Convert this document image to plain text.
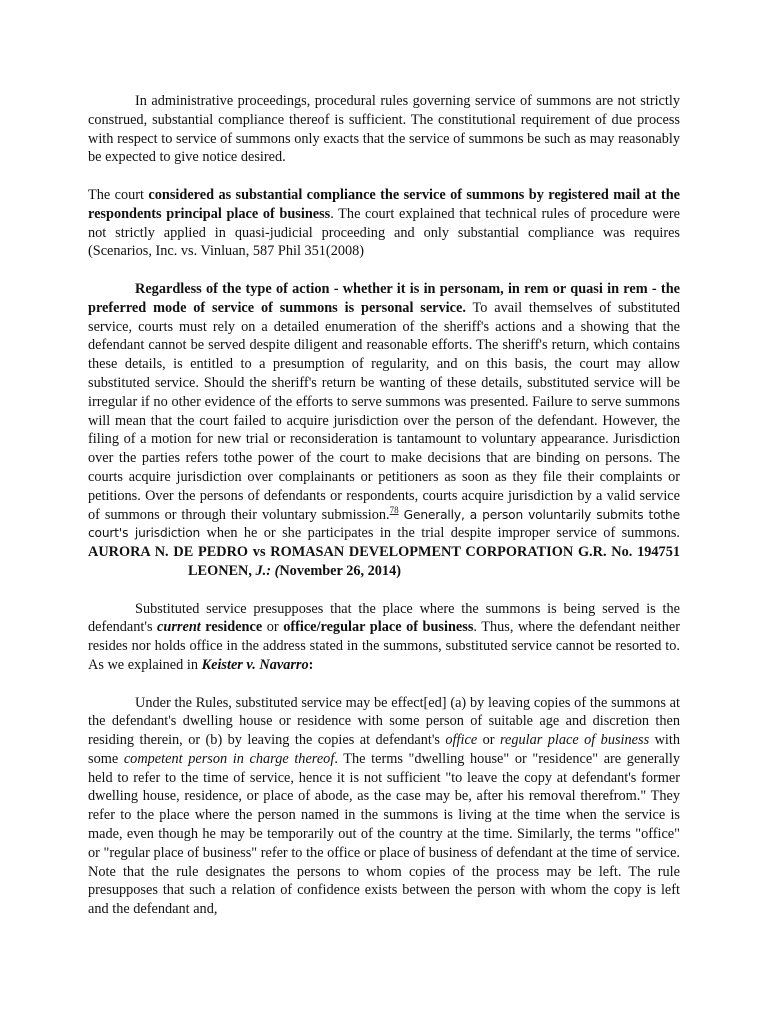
In administrative proceedings, procedural rules governing service of summons are not strictly construed, substantial compliance thereof is sufficient. The constitutional requirement of due process with respect to service of summons only exacts that the service of summons be such as may reasonably be expected to give notice desired.

The court considered as substantial compliance the service of summons by registered mail at the respondents principal place of business. The court explained that technical rules of procedure were not strictly applied in quasi-judicial proceeding and only substantial compliance was requires (Scenarios, Inc. vs. Vinluan, 587 Phil 351(2008)

Regardless of the type of action - whether it is in personam, in rem or quasi in rem - the preferred mode of service of summons is personal service. To avail themselves of substituted service, courts must rely on a detailed enumeration of the sheriff's actions and a showing that the defendant cannot be served despite diligent and reasonable efforts. The sheriff's return, which contains these details, is entitled to a presumption of regularity, and on this basis, the court may allow substituted service. Should the sheriff's return be wanting of these details, substituted service will be irregular if no other evidence of the efforts to serve summons was presented. Failure to serve summons will mean that the court failed to acquire jurisdiction over the person of the defendant. However, the filing of a motion for new trial or reconsideration is tantamount to voluntary appearance. Jurisdiction over the parties refers tothe power of the court to make decisions that are binding on persons. The courts acquire jurisdiction over complainants or petitioners as soon as they file their complaints or petitions. Over the persons of defendants or respondents, courts acquire jurisdiction by a valid service of summons or through their voluntary submission.$^{78}$ Generally, a person voluntarily submits tothe court's jurisdiction when he or she participates in the trial despite improper service of summons. AURORA N. DE PEDRO vs ROMASAN DEVELOPMENT CORPORATION G.R. No. 194751LEONEN, J.: (November 26, 2014)

Substituted service presupposes that the place where the summons is being served is the defendant's current residence or office/regular place of business. Thus, where the defendant neither resides nor holds office in the address stated in the summons, substituted service cannot be resorted to. As we explained in Keister v. Navarro:

Under the Rules, substituted service may be effect[ed] (a) by leaving copies of the summons at the defendant's dwelling house or residence with some person of suitable age and discretion then residing therein, or (b) by leaving the copies at defendant's office or regular place of business with some competent person in charge thereof. The terms "dwelling house" or "residence" are generally held to refer to the time of service, hence it is not sufficient "to leave the copy at defendant's former dwelling house, residence, or place of abode, as the case may be, after his removal therefrom." They refer to the place where the person named in the summons is living at the time when the service is made, even though he may be temporarily out of the country at the time. Similarly, the terms "office" or "regular place of business" refer to the office or place of business of defendant at the time of service. Note that the rule designates the persons to whom copies of the process may be left. The rule presupposes that such a relation of confidence exists between the person with whom the copy is left and the defendant and,
